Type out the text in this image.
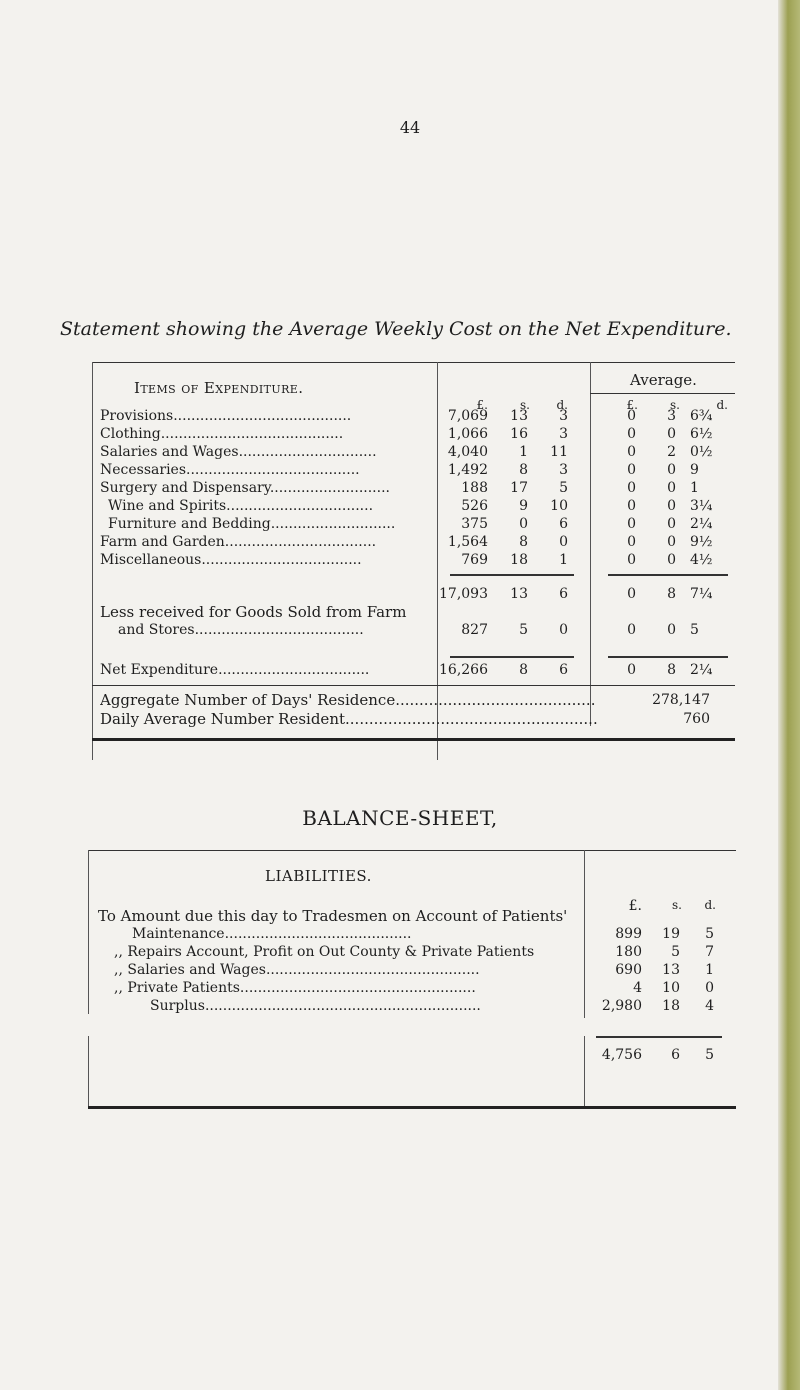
44
Statement showing the Average Weekly Cost on the Net Expenditure.
Items of Expenditure.	Average.
£.	s.	d.	£.	s.	d.
Provisions........................................	7,069	13	3	0	3 6¾
Clothing.........................................	1,066	16	3	0	0 6½
Salaries and Wages...............................	4,040	1	11	0	2 0½
Necessaries.......................................	1,492	8	3	0	0 9
Surgery and Dispensary...........................	188	17	5	0	0 1
Wine and Spirits.................................	526	9	10	0	0 3¼
Furniture and Bedding............................	375	0	6	0	0 2¼
Farm and Garden..................................	1,564	8	0	0	0 9½
Miscellaneous....................................	769	18	1	0	0 4½
17,093	13	6	0	8 7¼
Less received for Goods Sold from Farm
and Stores......................................	827	5	0	0	0 5
Net Expenditure..................................	16,266	8	6	0	8 2¼
Aggregate Number of Days' Residence..........................................	278,147
Daily Average Number Resident.....................................................	760
BALANCE-SHEET,
LIABILITIES.
£.	s.	d.
To Amount due this day to Tradesmen on Account of Patients'
Maintenance..........................................	899	19	5
,, Repairs Account, Profit on Out County & Private Patients	180	5	7
,, Salaries and Wages................................................	690	13	1
,, Private Patients.....................................................	4	10	0
Surplus..............................................................	2,980	18	4
4,756	6	5
